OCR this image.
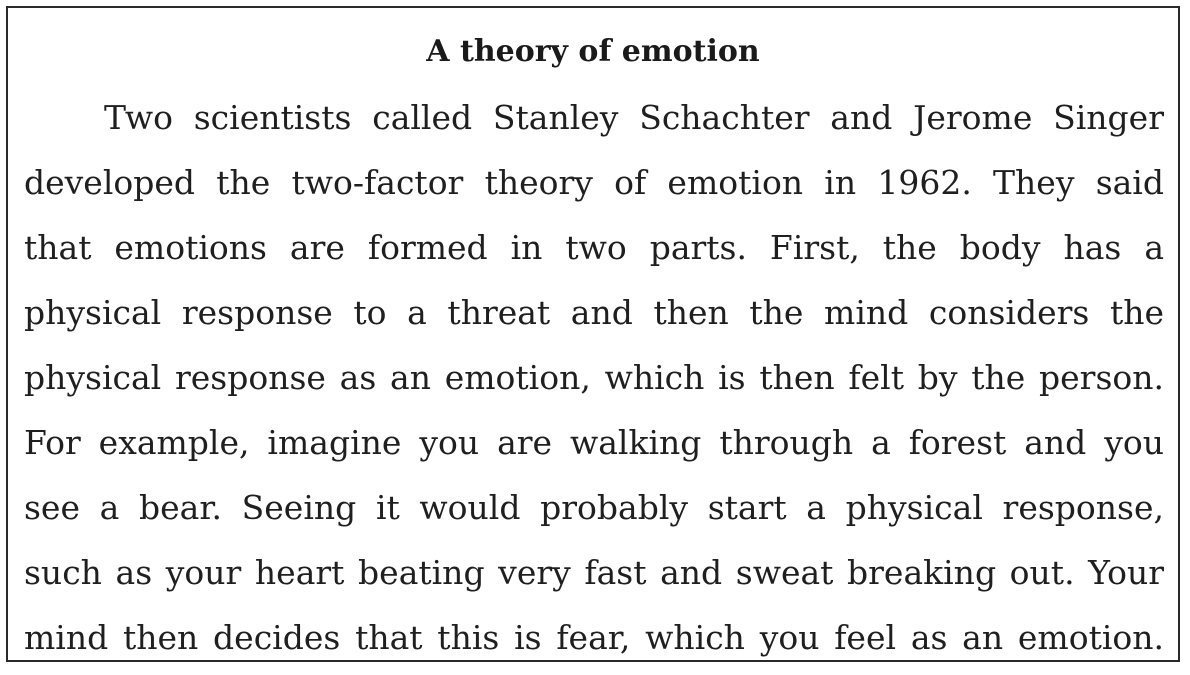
A theory of emotion
Two scientists called Stanley Schachter and Jerome Singer
developed the two-factor theory of emotion in 1962. They said
that emotions are formed in two parts. First, the body has a
physical response to a threat and then the mind considers the
physical response as an emotion, which is then felt by the person.
For example, imagine you are walking through a forest and you
see a bear. Seeing it would probably start a physical response,
such as your heart beating very fast and sweat breaking out. Your
mind then decides that this is fear, which you feel as an emotion.
